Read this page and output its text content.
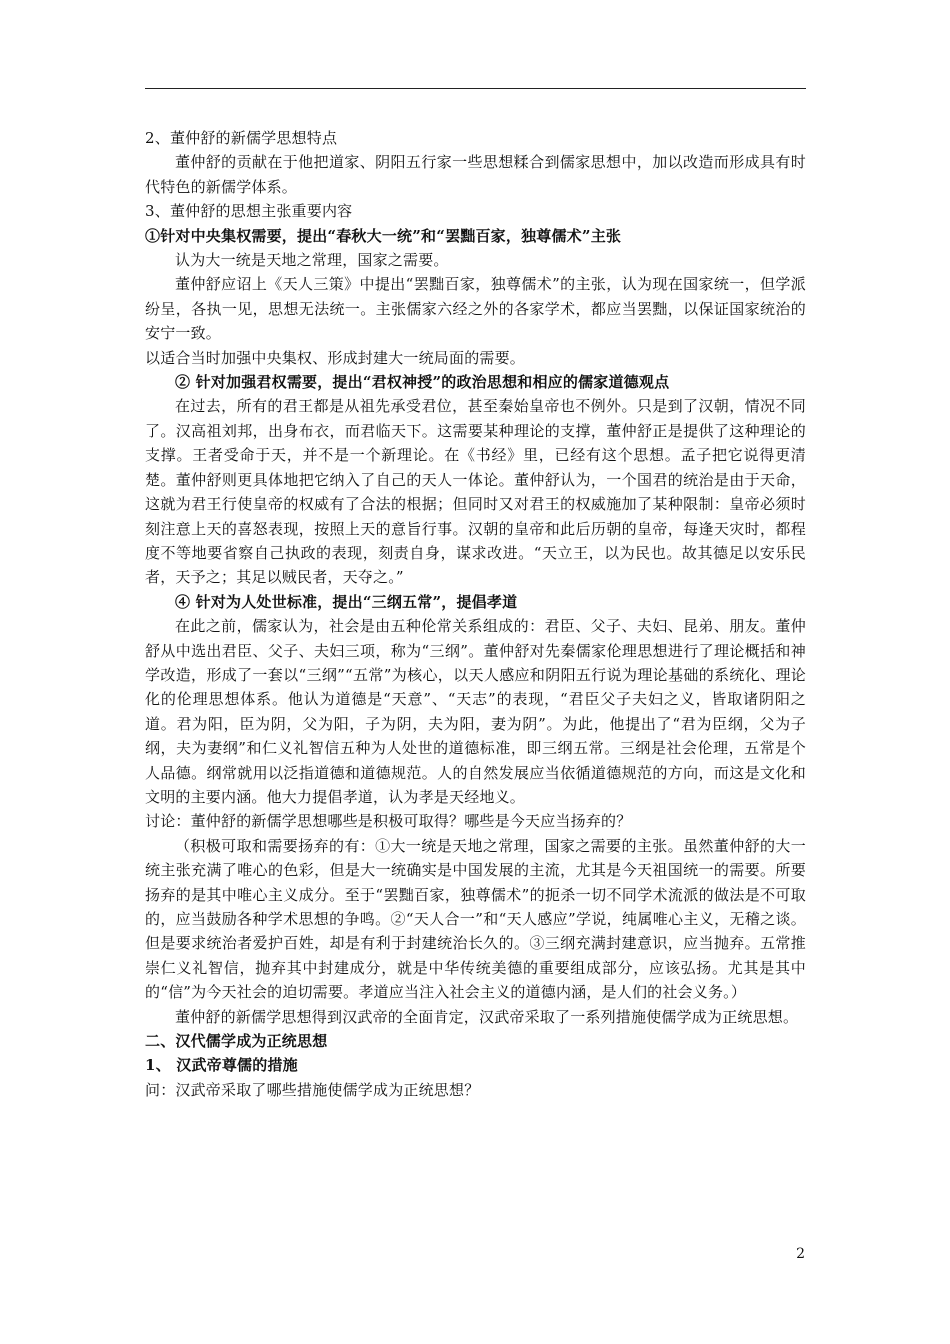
2、董仲舒的新儒学思想特点

董仲舒的贡献在于他把道家、阴阳五行家一些思想糅合到儒家思想中，加以改造而形成具有时代特色的新儒学体系。

3、董仲舒的思想主张重要内容

①针对中央集权需要，提出“春秋大一统”和“罢黜百家，独尊儒术”主张

认为大一统是天地之常理，国家之需要。

董仲舒应诏上《天人三策》中提出“罢黜百家，独尊儒术”的主张，认为现在国家统一，但学派纷呈，各执一见，思想无法统一。主张儒家六经之外的各家学术，都应当罢黜，以保证国家统治的安宁一致。

以适合当时加强中央集权、形成封建大一统局面的需要。

② 针对加强君权需要，提出“君权神授”的政治思想和相应的儒家道德观点

在过去，所有的君王都是从祖先承受君位，甚至秦始皇帝也不例外。只是到了汉朝，情况不同了。汉高祖刘邦，出身布衣，而君临天下。这需要某种理论的支撑，董仲舒正是提供了这种理论的支撑。王者受命于天，并不是一个新理论。在《书经》里，已经有这个思想。孟子把它说得更清楚。董仲舒则更具体地把它纳入了自己的天人一体论。董仲舒认为，一个国君的统治是由于天命，这就为君王行使皇帝的权威有了合法的根据；但同时又对君王的权威施加了某种限制：皇帝必须时刻注意上天的喜怒表现，按照上天的意旨行事。汉朝的皇帝和此后历朝的皇帝，每逢天灾时，都程度不等地要省察自己执政的表现，刻责自身，谋求改进。“天立王，以为民也。故其德足以安乐民者，天予之；其足以贼民者，天夺之。”

④ 针对为人处世标准，提出“三纲五常”，提倡孝道

在此之前，儒家认为，社会是由五种伦常关系组成的：君臣、父子、夫妇、昆弟、朋友。董仲舒从中选出君臣、父子、夫妇三项，称为“三纲”。董仲舒对先秦儒家伦理思想进行了理论概括和神学改造，形成了一套以“三纲”“五常”为核心，以天人感应和阴阳五行说为理论基础的系统化、理论化的伦理思想体系。他认为道德是“天意”、“天志”的表现，“君臣父子夫妇之义，皆取诸阴阳之道。君为阳，臣为阴，父为阳，子为阴，夫为阳，妻为阴”。为此，他提出了“君为臣纲，父为子纲，夫为妻纲”和仁义礼智信五种为人处世的道德标准，即三纲五常。三纲是社会伦理，五常是个人品德。纲常就用以泛指道德和道德规范。人的自然发展应当依循道德规范的方向，而这是文化和文明的主要内涵。他大力提倡孝道，认为孝是天经地义。

讨论：董仲舒的新儒学思想哪些是积极可取得？哪些是今天应当扬弃的？

（积极可取和需要扬弃的有：①大一统是天地之常理，国家之需要的主张。虽然董仲舒的大一统主张充满了唯心的色彩，但是大一统确实是中国发展的主流，尤其是今天祖国统一的需要。所要扬弃的是其中唯心主义成分。至于“罢黜百家，独尊儒术”的扼杀一切不同学术流派的做法是不可取的，应当鼓励各种学术思想的争鸣。②“天人合一”和“天人感应”学说，纯属唯心主义，无稽之谈。但是要求统治者爱护百姓，却是有利于封建统治长久的。③三纲充满封建意识，应当抛弃。五常推崇仁义礼智信，抛弃其中封建成分，就是中华传统美德的重要组成部分，应该弘扬。尤其是其中的“信”为今天社会的迫切需要。孝道应当注入社会主义的道德内涵，是人们的社会义务。）

董仲舒的新儒学思想得到汉武帝的全面肯定，汉武帝采取了一系列措施使儒学成为正统思想。

二、汉代儒学成为正统思想

1、 汉武帝尊儒的措施

问：汉武帝采取了哪些措施使儒学成为正统思想？

2
